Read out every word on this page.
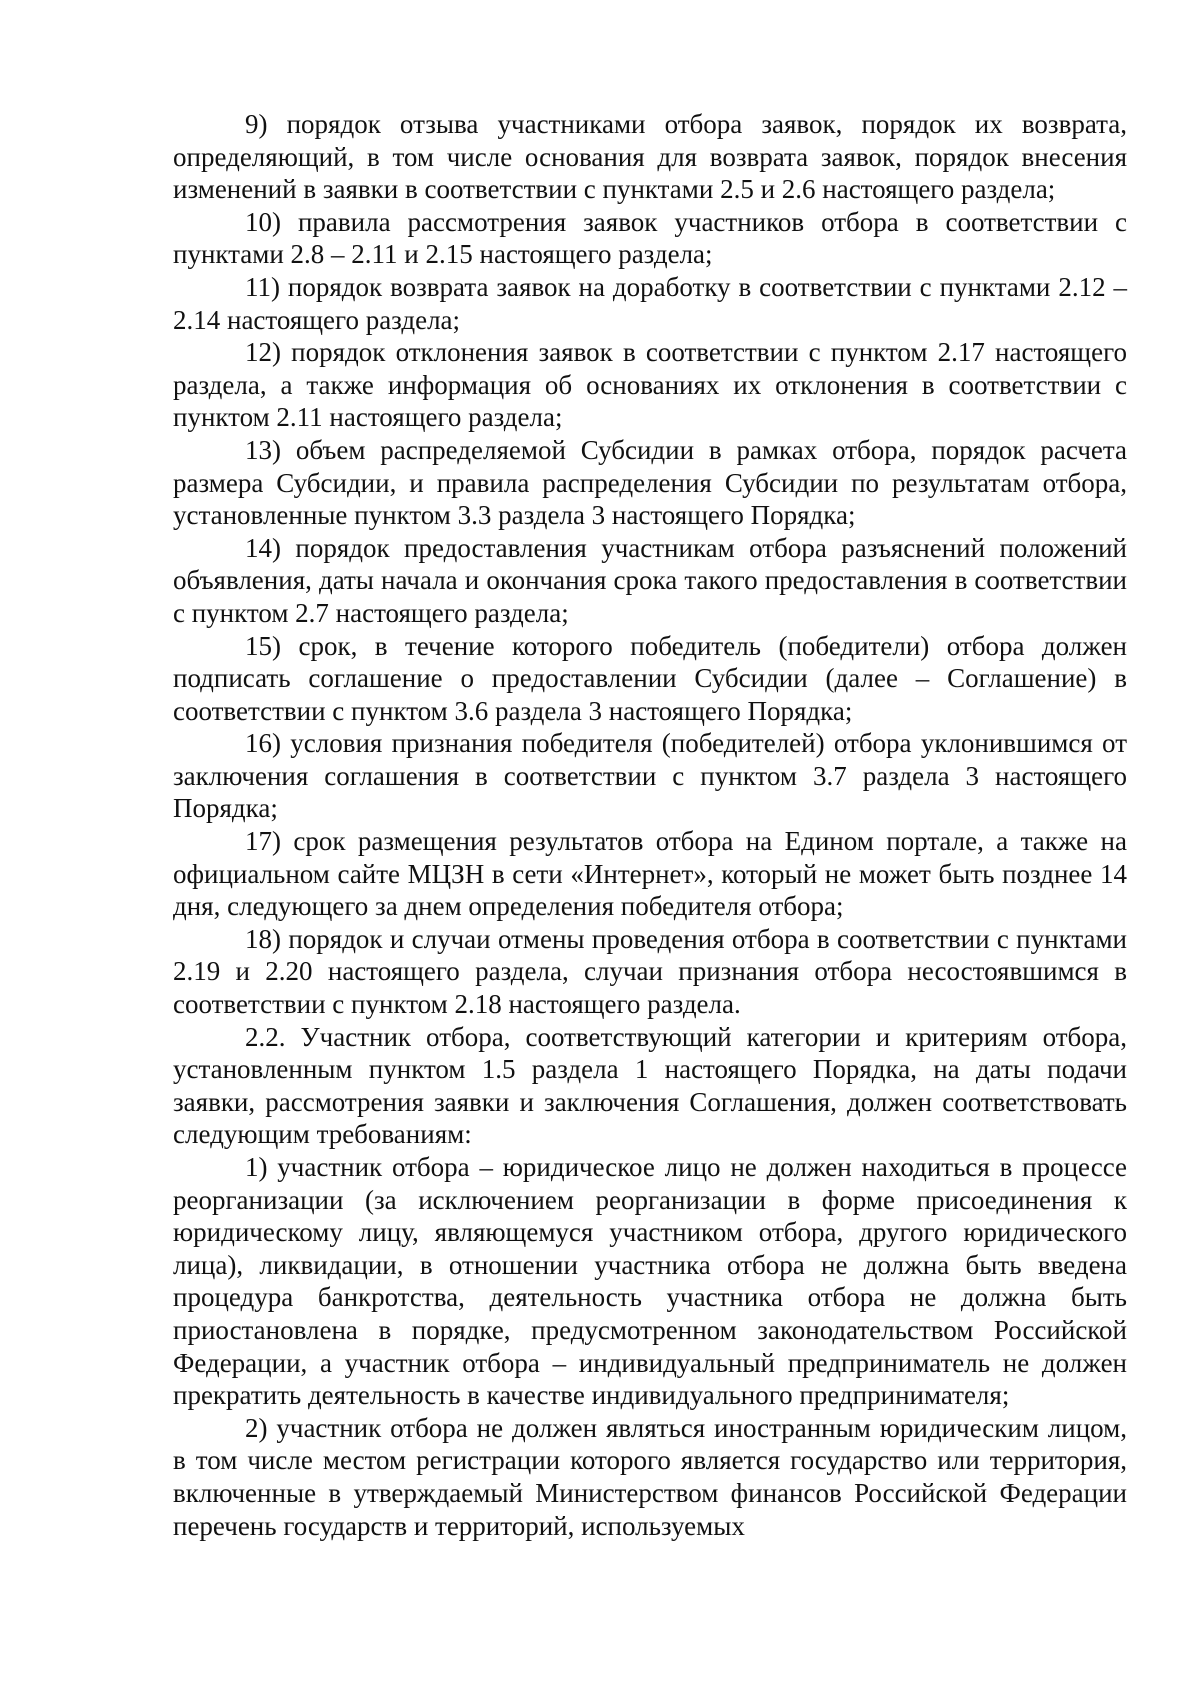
9) порядок отзыва участниками отбора заявок, порядок их возврата, определяющий, в том числе основания для возврата заявок, порядок внесения изменений в заявки в соответствии с пунктами 2.5 и 2.6 настоящего раздела;

10) правила рассмотрения заявок участников отбора в соответствии с пунктами 2.8 – 2.11 и 2.15 настоящего раздела;

11) порядок возврата заявок на доработку в соответствии с пунктами 2.12 – 2.14 настоящего раздела;

12) порядок отклонения заявок в соответствии с пунктом 2.17 настоящего раздела, а также информация об основаниях их отклонения в соответствии с пунктом 2.11 настоящего раздела;

13) объем распределяемой Субсидии в рамках отбора, порядок расчета размера Субсидии, и правила распределения Субсидии по результатам отбора, установленные пунктом 3.3 раздела 3 настоящего Порядка;

14) порядок предоставления участникам отбора разъяснений положений объявления, даты начала и окончания срока такого предоставления в соответствии с пунктом 2.7 настоящего раздела;

15) срок, в течение которого победитель (победители) отбора должен подписать соглашение о предоставлении Субсидии (далее – Соглашение) в соответствии с пунктом 3.6 раздела 3 настоящего Порядка;

16) условия признания победителя (победителей) отбора уклонившимся от заключения соглашения в соответствии с пунктом 3.7 раздела 3 настоящего Порядка;

17) срок размещения результатов отбора на Едином портале, а также на официальном сайте МЦЗН в сети «Интернет», который не может быть позднее 14 дня, следующего за днем определения победителя отбора;

18) порядок и случаи отмены проведения отбора в соответствии с пунктами 2.19 и 2.20 настоящего раздела, случаи признания отбора несостоявшимся в соответствии с пунктом 2.18 настоящего раздела.

2.2. Участник отбора, соответствующий категории и критериям отбора, установленным пунктом 1.5 раздела 1 настоящего Порядка, на даты подачи заявки, рассмотрения заявки и заключения Соглашения, должен соответствовать следующим требованиям:

1) участник отбора – юридическое лицо не должен находиться в процессе реорганизации (за исключением реорганизации в форме присоединения к юридическому лицу, являющемуся участником отбора, другого юридического лица), ликвидации, в отношении участника отбора не должна быть введена процедура банкротства, деятельность участника отбора не должна быть приостановлена в порядке, предусмотренном законодательством Российской Федерации, а участник отбора – индивидуальный предприниматель не должен прекратить деятельность в качестве индивидуального предпринимателя;

2) участник отбора не должен являться иностранным юридическим лицом, в том числе местом регистрации которого является государство или территория, включенные в утверждаемый Министерством финансов Российской Федерации перечень государств и территорий, используемых
